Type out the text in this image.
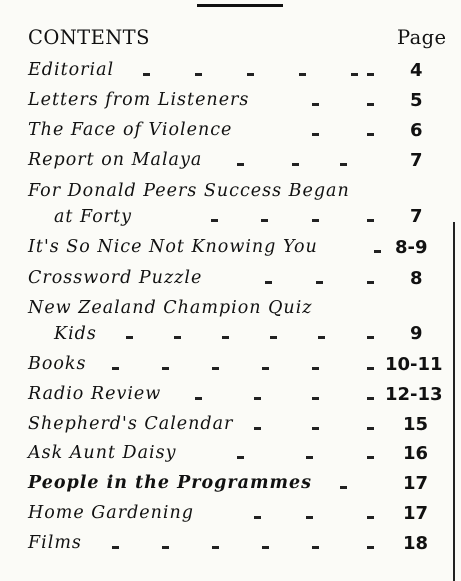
CONTENTS	Page
Editorial	4
Letters from Listeners	5
The Face of Violence	6
Report on Malaya	7
For Donald Peers Success Began
at Forty	7
It's So Nice Not Knowing You	8-9
Crossword Puzzle	8
New Zealand Champion Quiz
Kids	9
Books	10-11
Radio Review	12-13
Shepherd's Calendar	15
Ask Aunt Daisy	16
People in the Programmes	17
Home Gardening	17
Films	18
